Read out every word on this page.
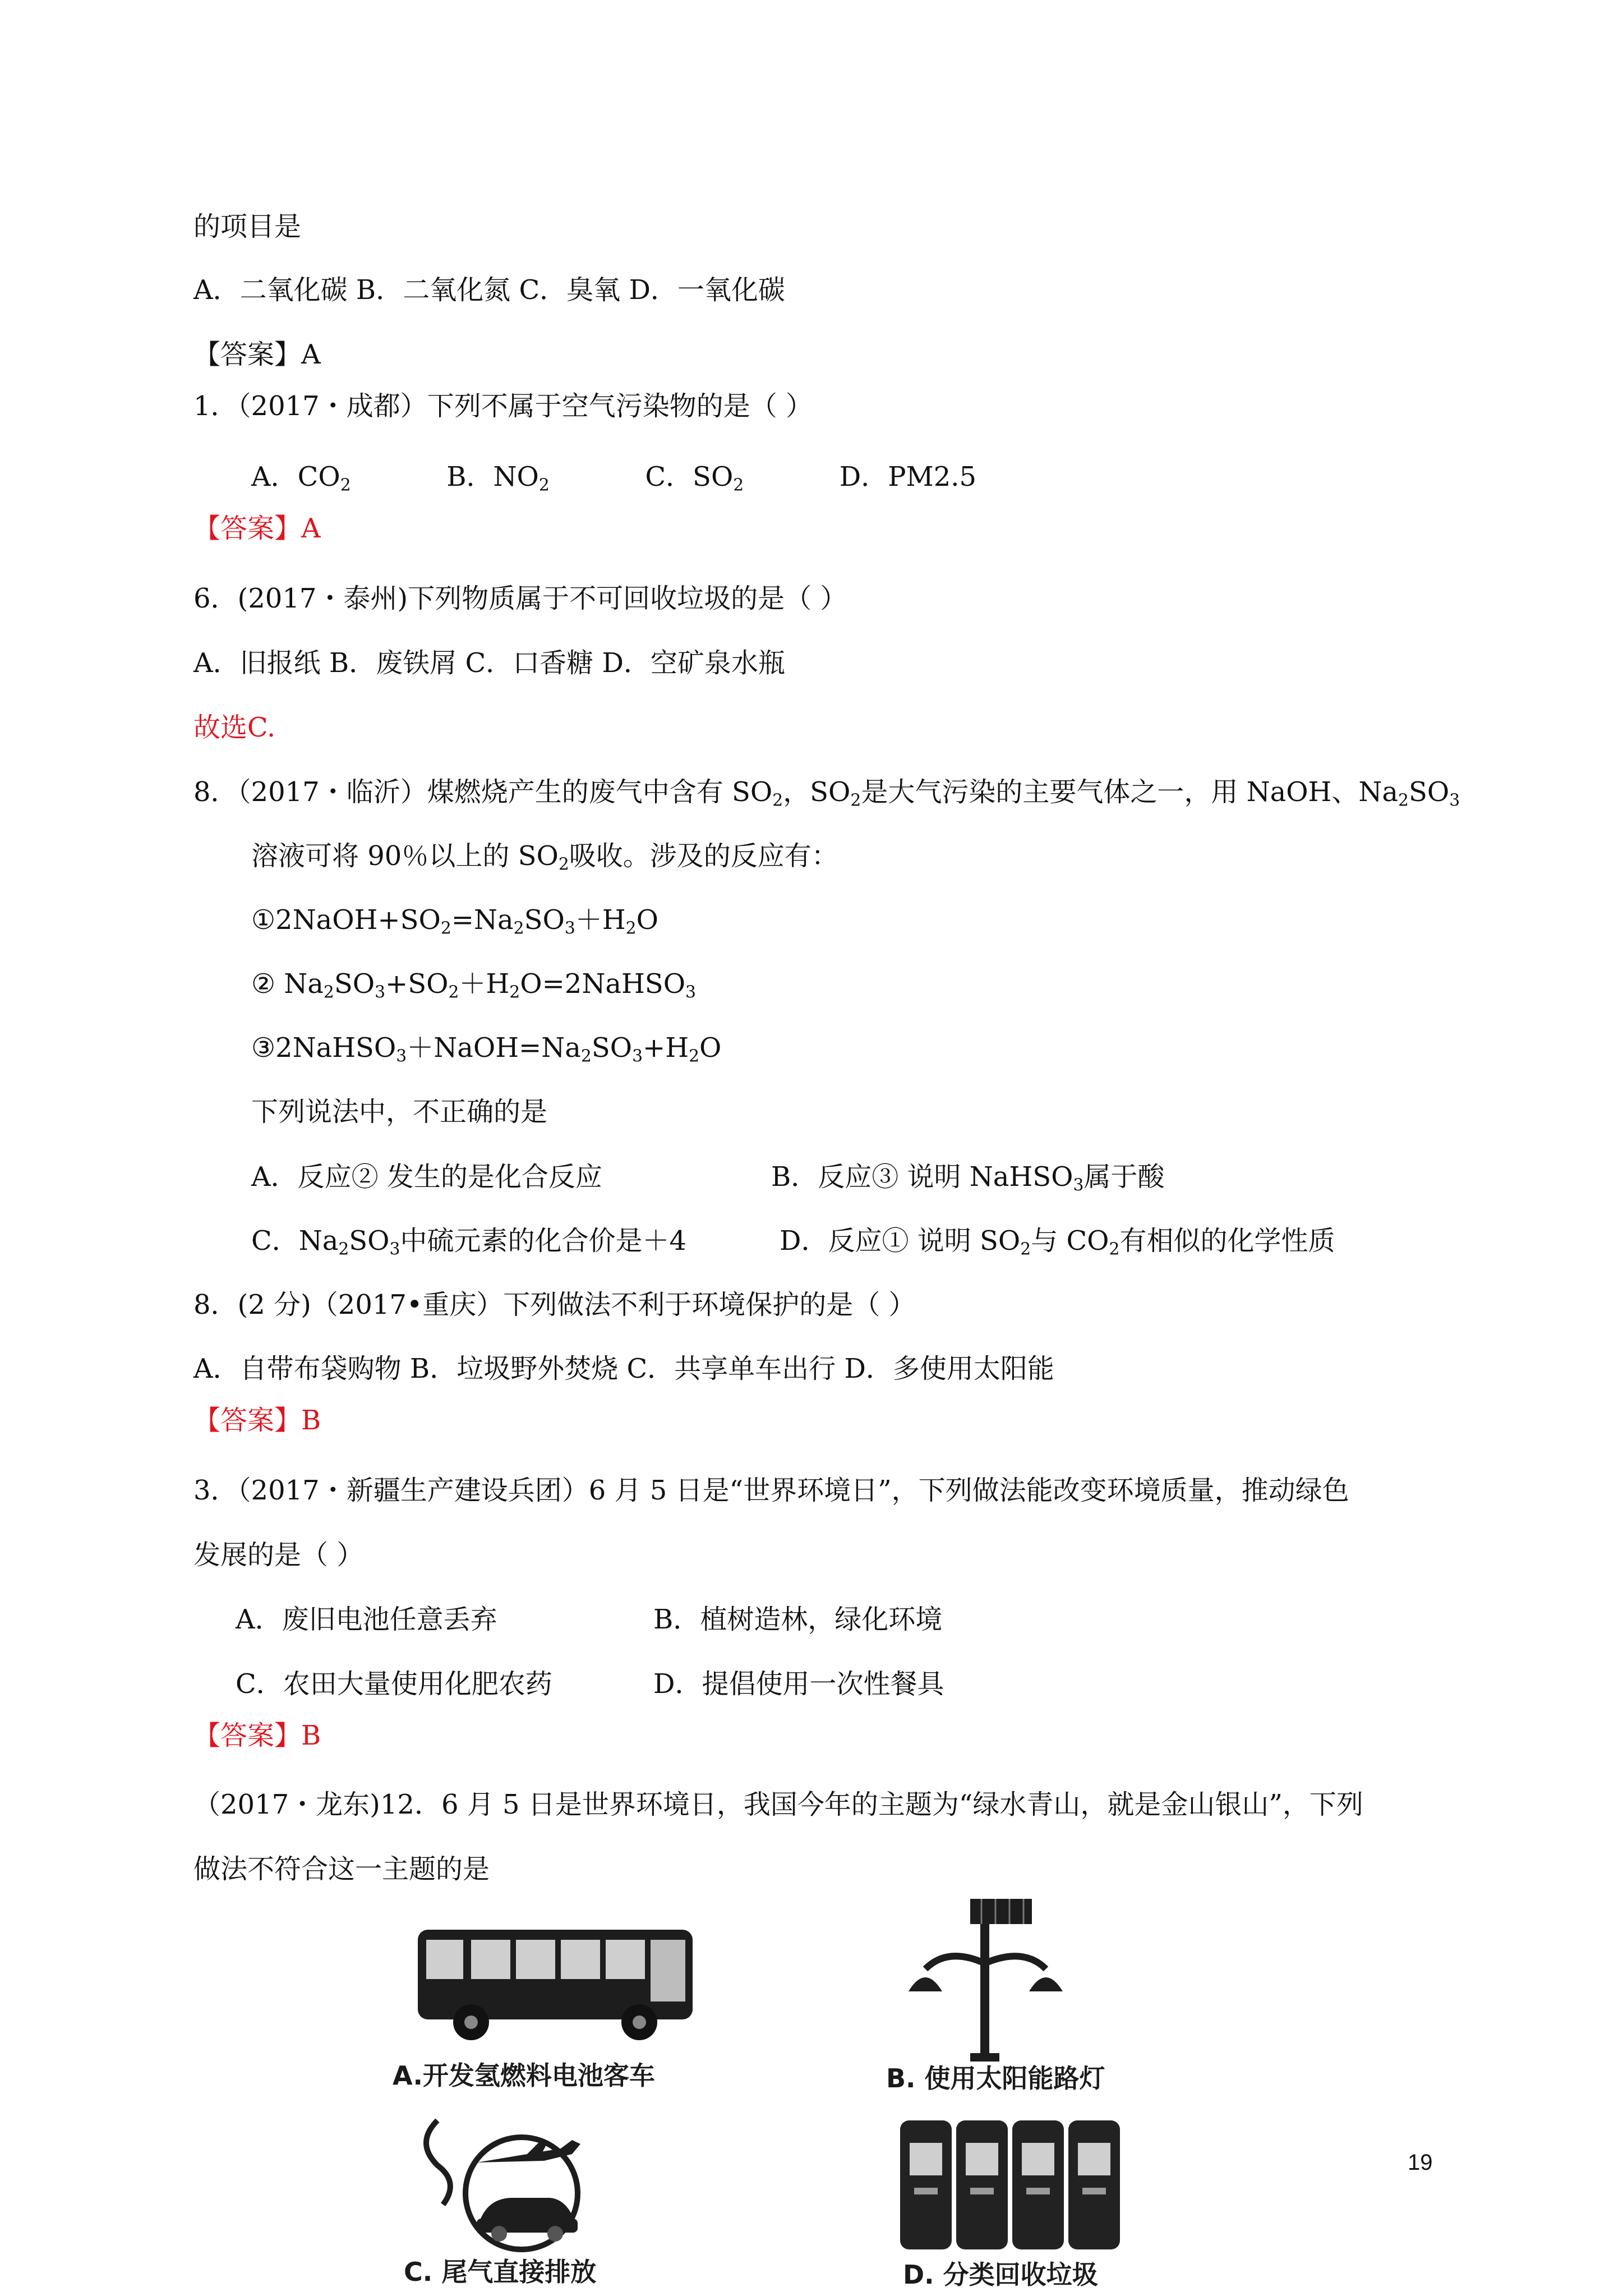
的项目是
A．二氧化碳 B．二氧化氮 C．臭氧 D．一氧化碳
【答案】A
1．（2017・成都）下列不属于空气污染物的是（ ）
A．$CO_2$	B．$NO_2$	C．$SO_2$	D．PM2.5
【答案】A
6．(2017・泰州)下列物质属于不可回收垃圾的是（ ）
A．旧报纸 B．废铁屑 C．口香糖 D．空矿泉水瓶
故选C.
8．（2017・临沂）煤燃烧产生的废气中含有 $SO_2$，$SO_2$是大气污染的主要气体之一，用 NaOH、$Na_2SO_3$
溶液可将 90％以上的 $SO_2$吸收。涉及的反应有：
$①2NaOH+SO_2=Na_2SO_3+H_2O$
② $Na_2SO_3+SO_2+H_2O=2NaHSO_3$
$③2NaHSO_3+NaOH=Na_2SO_3+H_2O$
下列说法中，不正确的是
A．反应② 发生的是化合反应	B．反应③ 说明 NaHSO$_3$属于酸
C．$Na_2SO_3$中硫元素的化合价是＋4	D．反应① 说明 $SO_2$与 $CO_2$有相似的化学性质
8．(2 分)（2017•重庆）下列做法不利于环境保护的是（ ）
A．自带布袋购物 B．垃圾野外焚烧 C．共享单车出行 D．多使用太阳能
【答案】B
3．（2017・新疆生产建设兵团）6 月 5 日是“世界环境日”，下列做法能改变环境质量，推动绿色
发展的是（ ）
A．废旧电池任意丢弃	B．植树造林，绿化环境
C．农田大量使用化肥农药	D．提倡使用一次性餐具
【答案】B
（2017・龙东)12．6 月 5 日是世界环境日，我国今年的主题为“绿水青山，就是金山银山”，下列
做法不符合这一主题的是
A.开发氢燃料电池客车	B. 使用太阳能路灯
C. 尾气直接排放	D. 分类回收垃圾
19
